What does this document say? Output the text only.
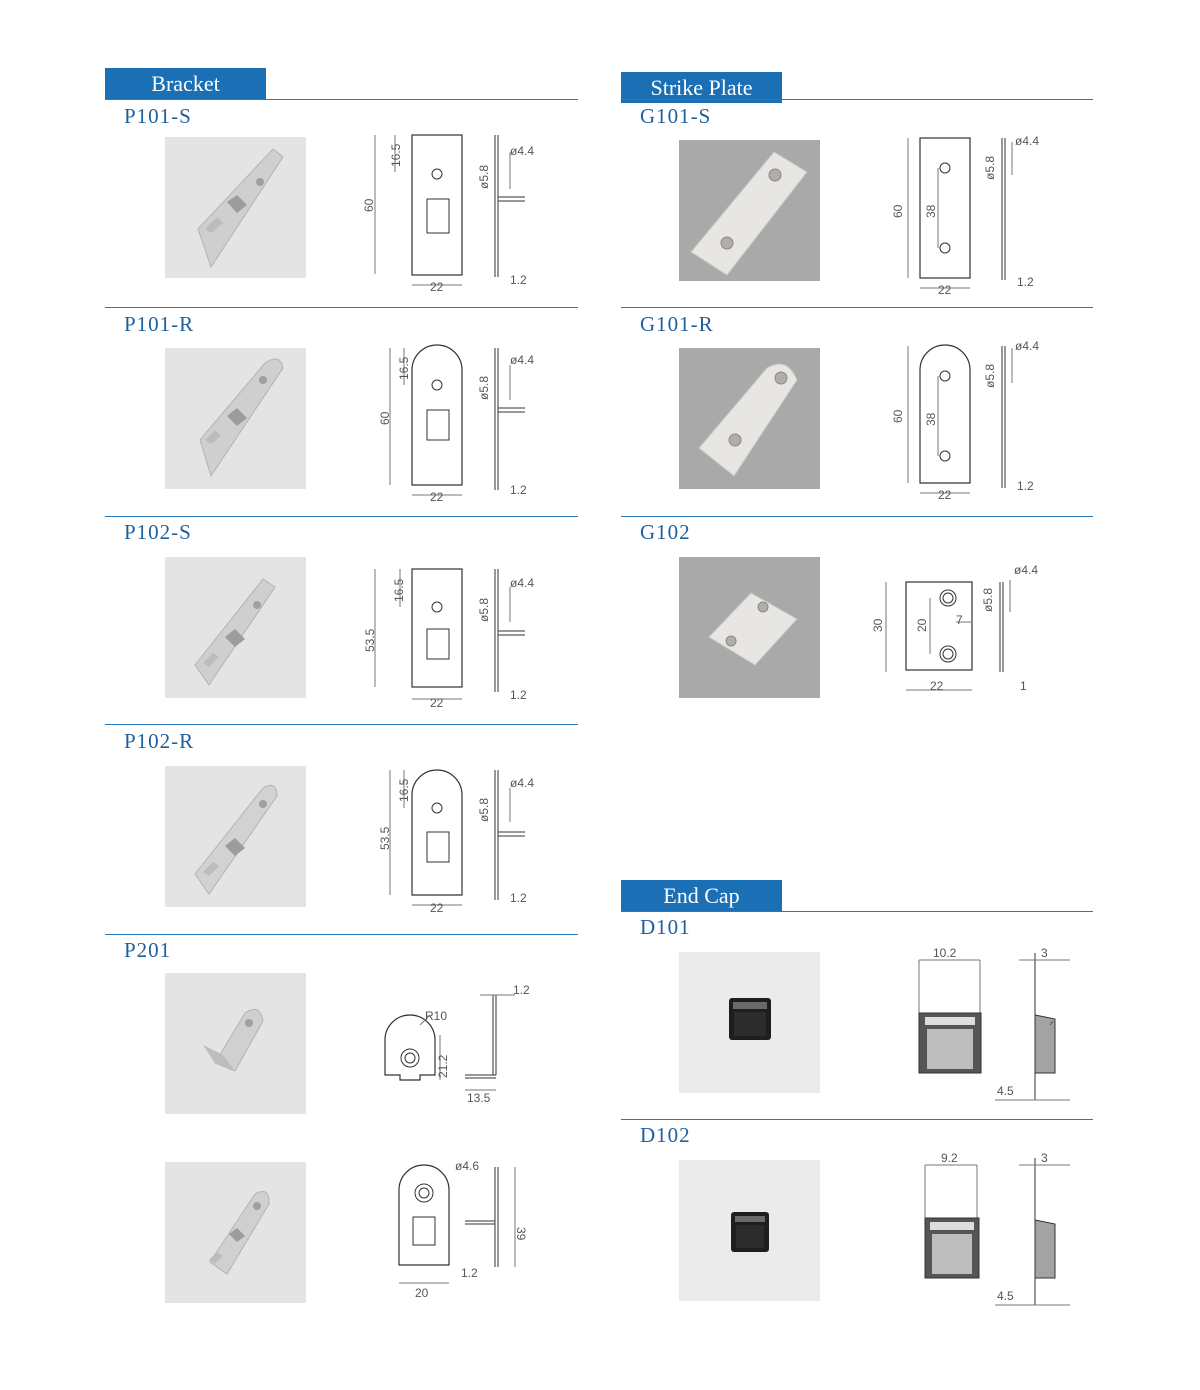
Bracket
P101-S
60
16.5
22
ø5.8
ø4.4
1.2
P101-R
60
16.5
22
ø5.8
ø4.4
1.2
P102-S
53.5
16.5
22
ø5.8
ø4.4
1.2
P102-R
53.5
16.5
22
ø5.8
ø4.4
1.2
P201
R10
21.2
13.5
1.2
ø4.6
39
20
1.2
Strike Plate
G101-S
60 38
22
ø5.8
ø4.4
1.2
G101-R
60 38
22
ø5.8
ø4.4
1.2
G102
30	20 7
22
ø5.8
ø4.4
1
End Cap
D101
10.2	3
4.5
D102
9.2	3
4.5
